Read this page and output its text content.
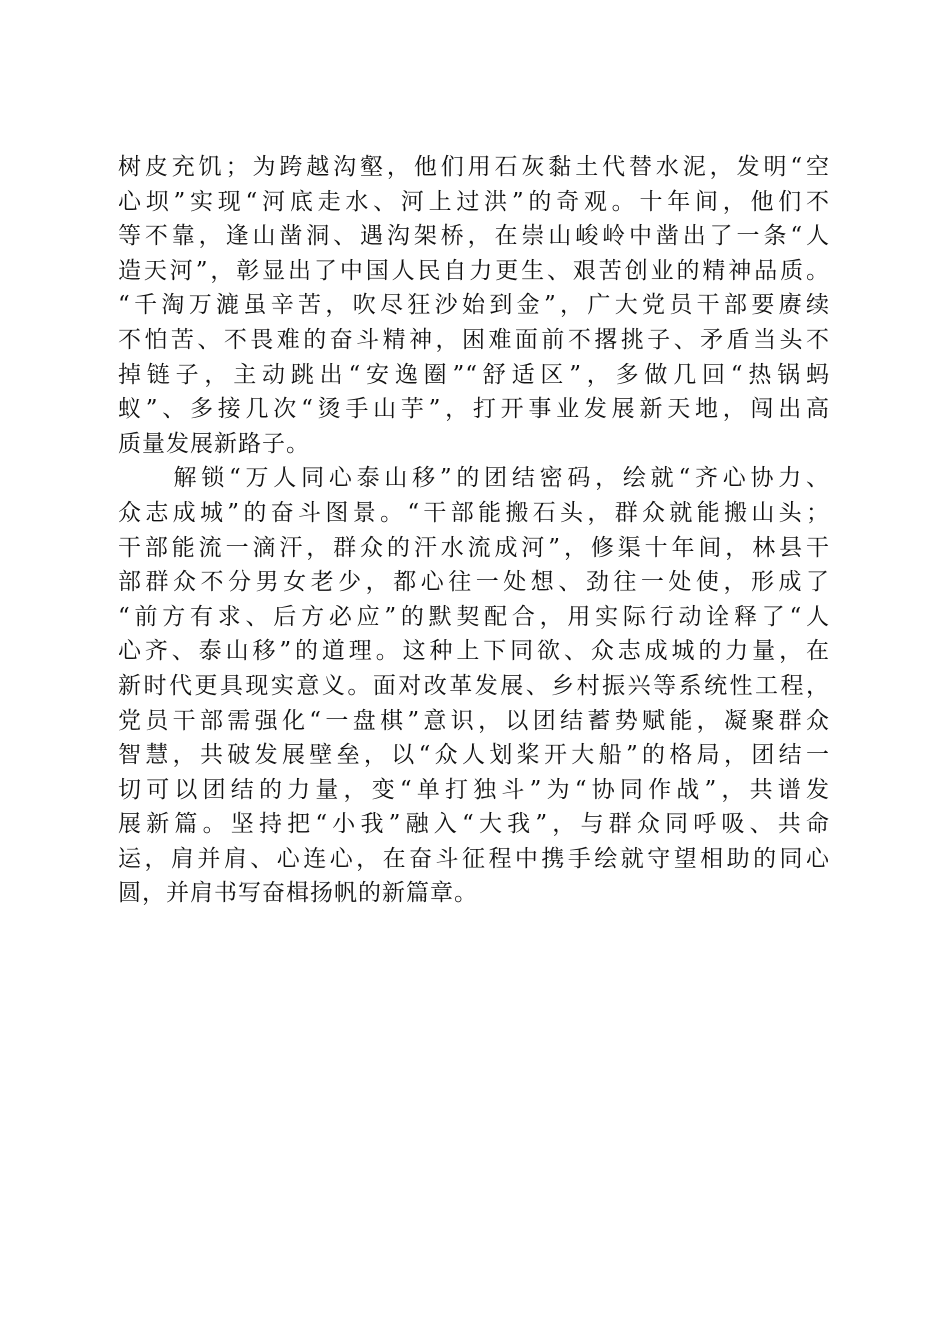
树皮充饥；为跨越沟壑，他们用石灰黏土代替水泥，发明“空
心坝”实现“河底走水、河上过洪”的奇观。十年间，他们不
等不靠，逢山凿洞、遇沟架桥，在崇山峻岭中凿出了一条“人
造天河”，彰显出了中国人民自力更生、艰苦创业的精神品质。
“千淘万漉虽辛苦，吹尽狂沙始到金”，广大党员干部要赓续
不怕苦、不畏难的奋斗精神，困难面前不撂挑子、矛盾当头不
掉链子，主动跳出“安逸圈”“舒适区”，多做几回“热锅蚂
蚁”、多接几次“烫手山芋”，打开事业发展新天地，闯出高
质量发展新路子。
　　解锁“万人同心泰山移”的团结密码，绘就“齐心协力、
众志成城”的奋斗图景。“干部能搬石头，群众就能搬山头；
干部能流一滴汗，群众的汗水流成河”，修渠十年间，林县干
部群众不分男女老少，都心往一处想、劲往一处使，形成了
“前方有求、后方必应”的默契配合，用实际行动诠释了“人
心齐、泰山移”的道理。这种上下同欲、众志成城的力量，在
新时代更具现实意义。面对改革发展、乡村振兴等系统性工程，
党员干部需强化“一盘棋”意识，以团结蓄势赋能，凝聚群众
智慧，共破发展壁垒，以“众人划桨开大船”的格局，团结一
切可以团结的力量，变“单打独斗”为“协同作战”，共谱发
展新篇。坚持把“小我”融入“大我”，与群众同呼吸、共命
运，肩并肩、心连心，在奋斗征程中携手绘就守望相助的同心
圆，并肩书写奋楫扬帆的新篇章。
